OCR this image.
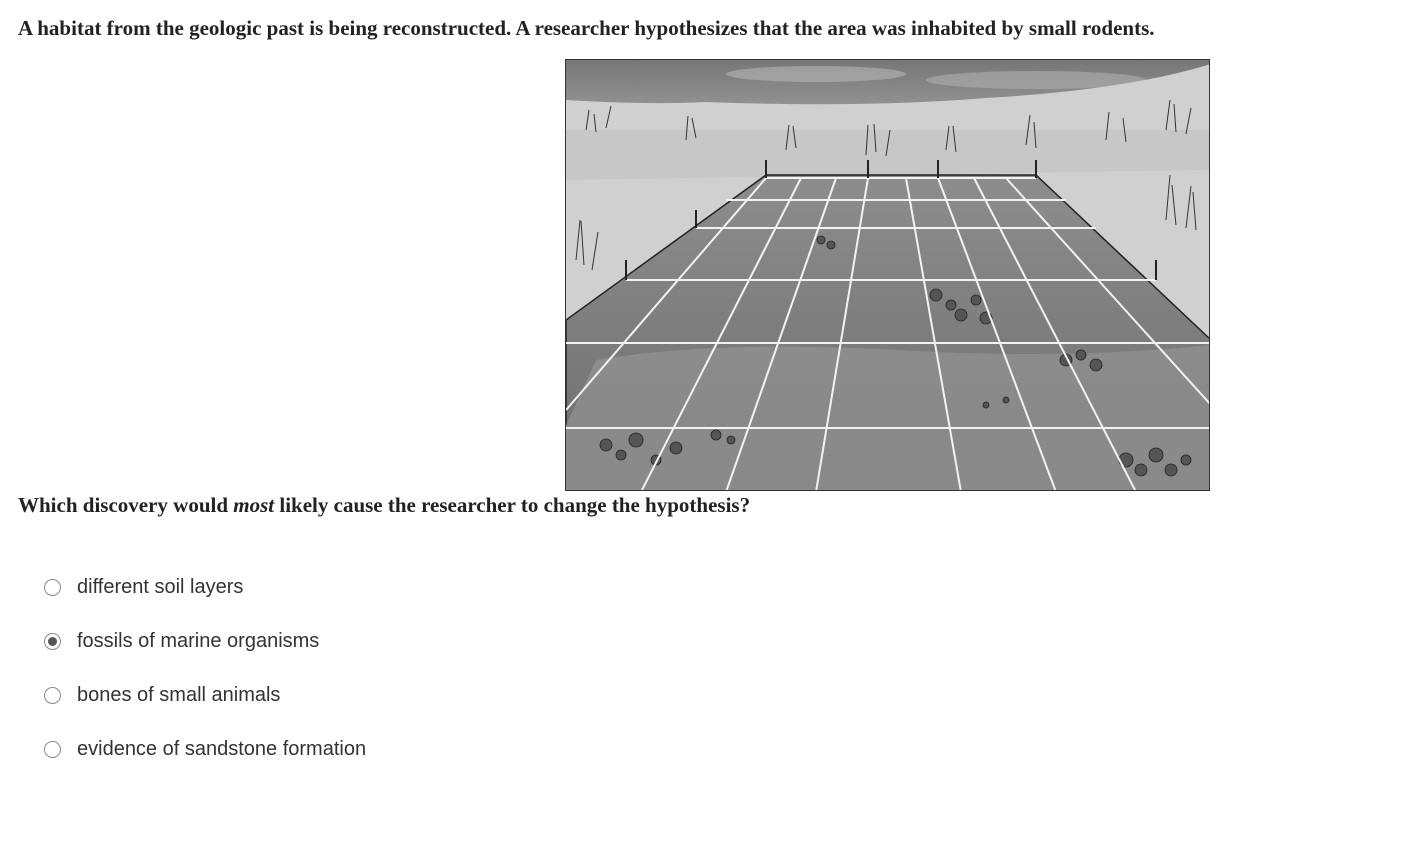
A habitat from the geologic past is being reconstructed. A researcher hypothesizes that the area was inhabited by small rodents.

Which discovery would most likely cause the researcher to change the hypothesis?

different soil layers
fossils of marine organisms
bones of small animals
evidence of sandstone formation
